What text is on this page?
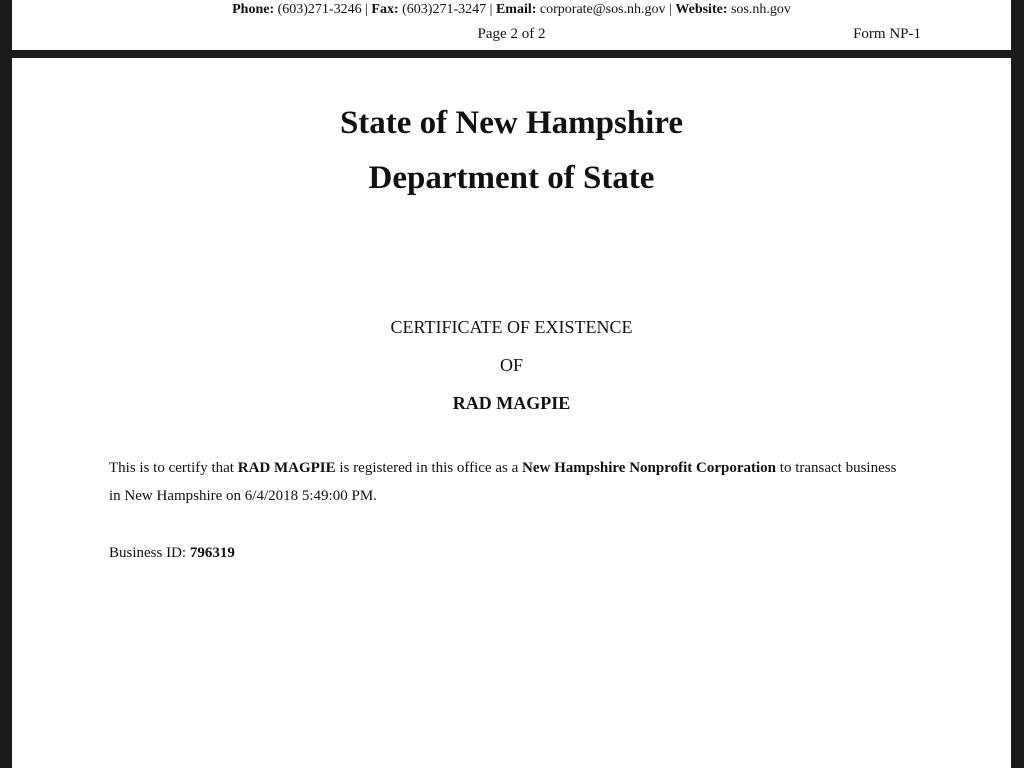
Phone: (603)271-3246 | Fax: (603)271-3247 | Email: corporate@sos.nh.gov | Website: sos.nh.gov
Page 2 of 2	Form NP-1
State of New Hampshire
Department of State
CERTIFICATE OF EXISTENCE
OF
RAD MAGPIE
This is to certify that RAD MAGPIE is registered in this office as a New Hampshire Nonprofit Corporation to transact business in New Hampshire on 6/4/2018 5:49:00 PM.
Business ID: 796319
